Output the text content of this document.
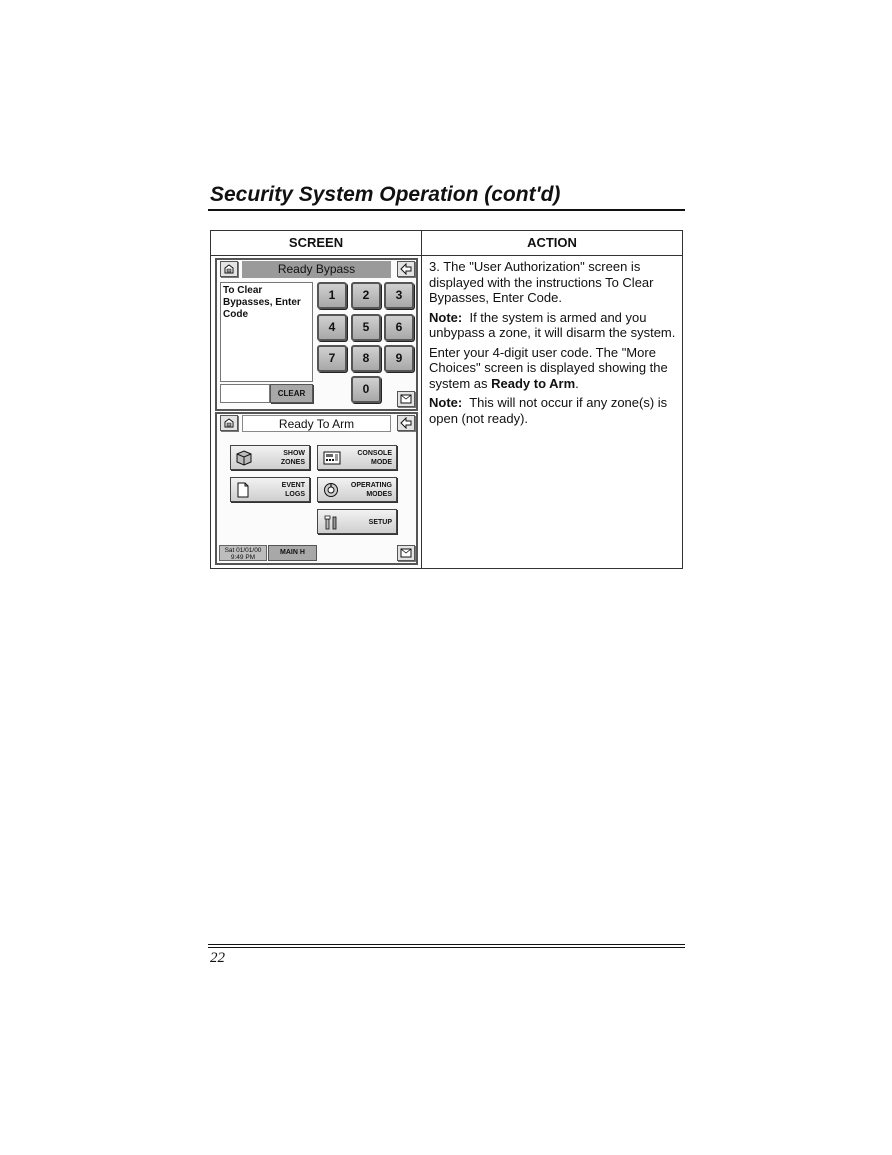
Security System Operation (cont'd)
SCREEN	ACTION
Ready Bypass
To Clear Bypasses, Enter Code
CLEAR
1	2	3
4	5	6
7	8	9
0
Ready To Arm
SHOW
ZONES
CONSOLE
MODE
EVENT
LOGS
OPERATING
MODES
SETUP
Sat 01/01/00
9:49 PM
MAIN H

3. The "User Authorization" screen is displayed with the instructions To Clear Bypasses, Enter Code.

Note: If the system is armed and you unbypass a zone, it will disarm the system.

Enter your 4-digit user code. The "More Choices" screen is displayed showing the system as Ready to Arm.

Note: This will not occur if any zone(s) is open (not ready).

22
